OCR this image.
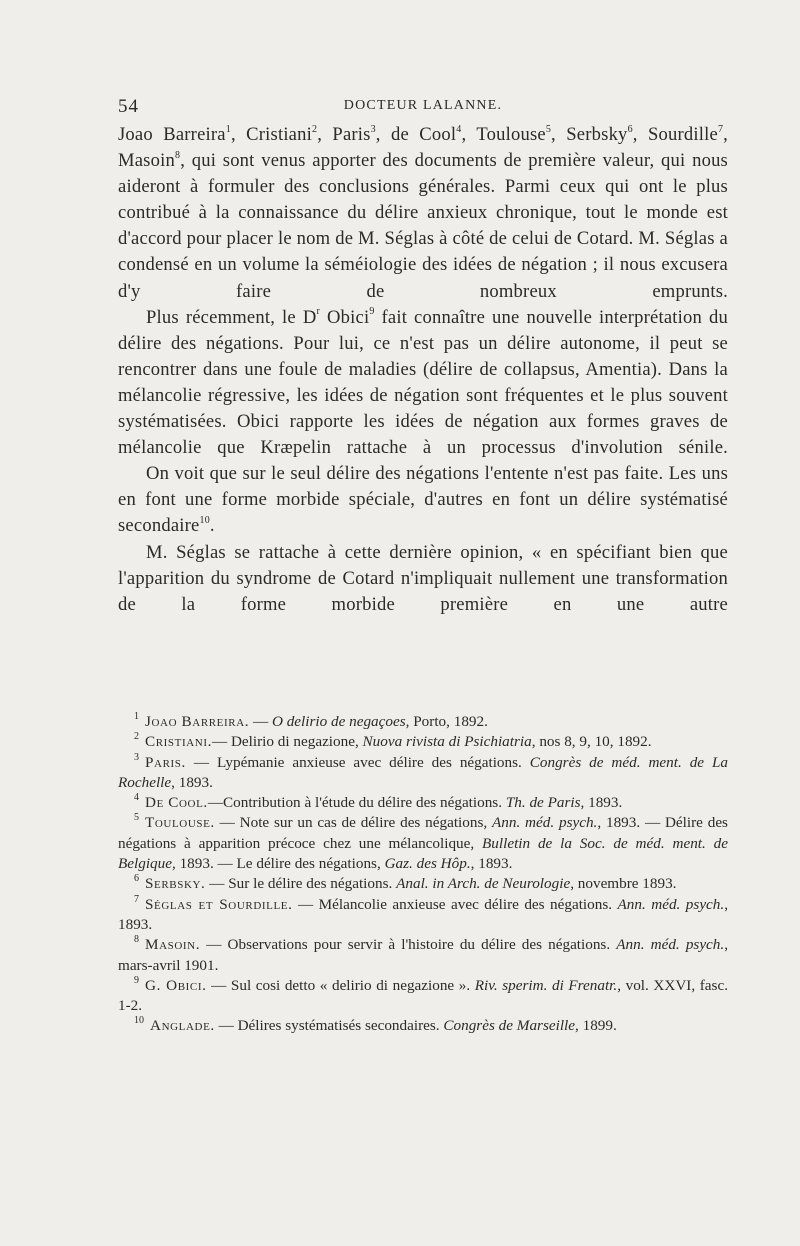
54	DOCTEUR LALANNE.

Joao Barreira$^1$, Cristiani$^2$, Paris$^3$, de Cool$^4$, Toulouse$^5$, Serbsky$^6$, Sourdille$^7$, Masoin$^8$, qui sont venus apporter des documents de première valeur, qui nous aideront à formuler des conclusions générales. Parmi ceux qui ont le plus contribué à la connaissance du délire anxieux chronique, tout le monde est d'accord pour placer le nom de M. Séglas à côté de celui de Cotard. M. Séglas a condensé en un volume la séméiologie des idées de négation ; il nous excusera d'y faire de nombreux emprunts.

Plus récemment, le $D^r$ Obici$^9$ fait connaître une nouvelle interprétation du délire des négations. Pour lui, ce n'est pas un délire autonome, il peut se rencontrer dans une foule de maladies (délire de collapsus, Amentia). Dans la mélancolie régressive, les idées de négation sont fréquentes et le plus souvent systématisées. Obici rapporte les idées de négation aux formes graves de mélancolie que Kræpelin rattache à un processus d'involution sénile.

On voit que sur le seul délire des négations l'entente n'est pas faite. Les uns en font une forme morbide spéciale, d'autres en font un délire systématisé secondaire$^{10}$.

M. Séglas se rattache à cette dernière opinion, « en spécifiant bien que l'apparition du syndrome de Cotard n'impliquait nullement une transformation de la forme morbide première en une autre

$^1$ Joao Barreira. — O delirio de negaçoes, Porto, 1892.

$^2$ Cristiani.— Delirio di negazione, Nuova rivista di Psichiatria, nos 8, 9, 10, 1892.

$^3$ Paris. — Lypémanie anxieuse avec délire des négations. Congrès de méd. ment. de La Rochelle, 1893.

$^4$ De Cool.—Contribution à l'étude du délire des négations. Th. de Paris, 1893.

$^5$ Toulouse. — Note sur un cas de délire des négations, Ann. méd. psych., 1893. — Délire des négations à apparition précoce chez une mélancolique, Bulletin de la Soc. de méd. ment. de Belgique, 1893. — Le délire des négations, Gaz. des Hôp., 1893.

$^6$ Serbsky. — Sur le délire des négations. Anal. in Arch. de Neurologie, novembre 1893.

$^7$ Séglas et Sourdille. — Mélancolie anxieuse avec délire des négations. Ann. méd. psych., 1893.

$^8$ Masoin. — Observations pour servir à l'histoire du délire des négations. Ann. méd. psych., mars-avril 1901.

$^9$ G. Obici. — Sul cosi detto « delirio di negazione ». Riv. sperim. di Frenatr., vol. XXVI, fasc. 1-2.

$^{10}$ Anglade. — Délires systématisés secondaires. Congrès de Marseille, 1899.
